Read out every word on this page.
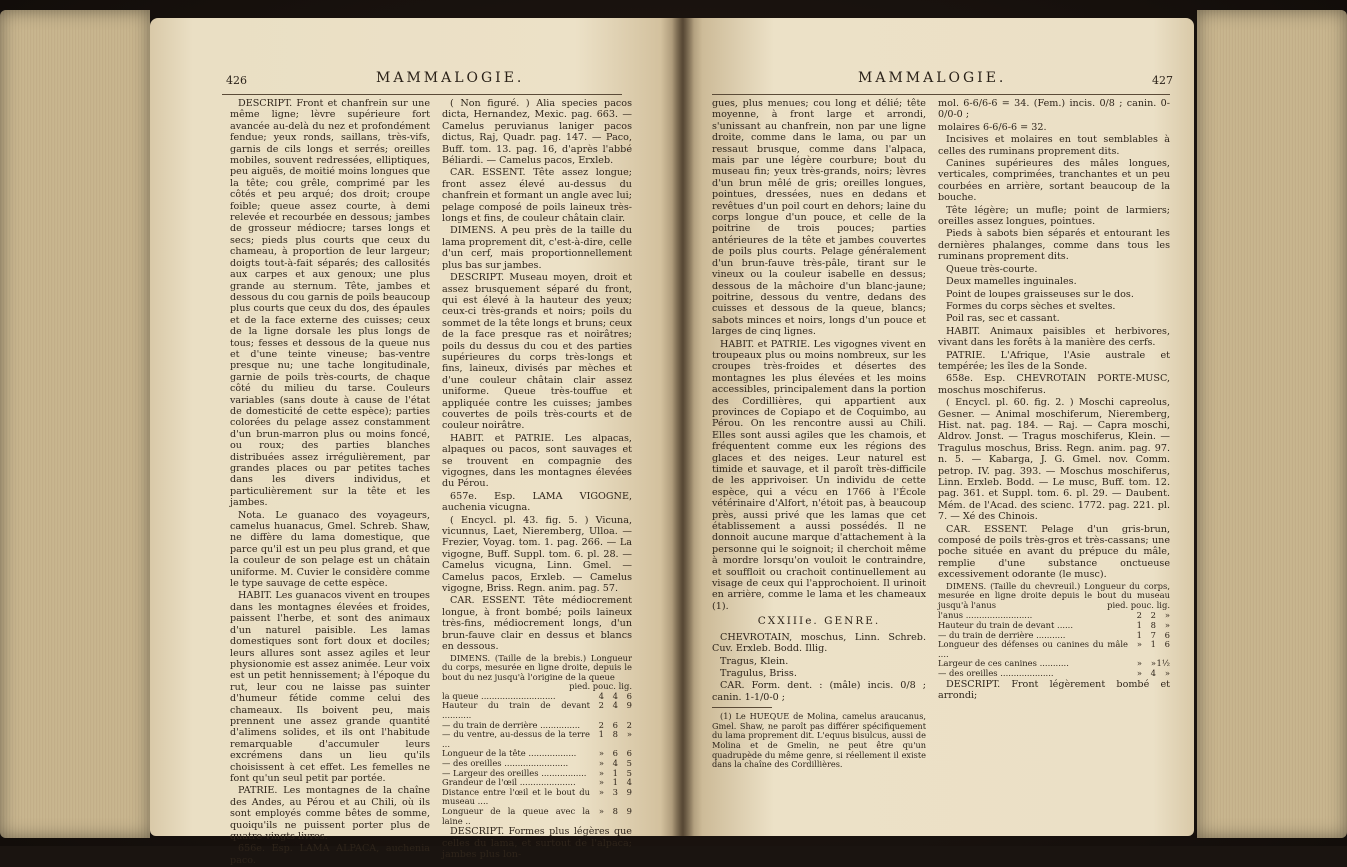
426	MAMMALOGIE.

DESCRIPT. Front et chanfrein sur une même ligne; lèvre supérieure fort avancée au-delà du nez et profondément fendue; yeux ronds, saillans, très-vifs, garnis de cils longs et serrés; oreilles mobiles, souvent redressées, elliptiques, peu aiguës, de moitié moins longues que la tête; cou grêle, comprimé par les côtés et peu arqué; dos droit; croupe foible; queue assez courte, à demi relevée et recourbée en dessous; jambes de grosseur médiocre; tarses longs et secs; pieds plus courts que ceux du chameau, à proportion de leur largeur; doigts tout-à-fait séparés; des callosités aux carpes et aux genoux; une plus grande au sternum. Tête, jambes et dessous du cou garnis de poils beaucoup plus courts que ceux du dos, des épaules et de la face externe des cuisses; ceux de la ligne dorsale les plus longs de tous; fesses et dessous de la queue nus et d'une teinte vineuse; bas-ventre presque nu; une tache longitudinale, garnie de poils très-courts, de chaque côté du milieu du tarse. Couleurs variables (sans doute à cause de l'état de domesticité de cette espèce); parties colorées du pelage assez constamment d'un brun-marron plus ou moins foncé, ou roux; des parties blanches distribuées assez irrégulièrement, par grandes places ou par petites taches dans les divers individus, et particulièrement sur la tête et les jambes.

Nota. Le guanaco des voyageurs, camelus huanacus, Gmel. Schreb. Shaw, ne diffère du lama domestique, que parce qu'il est un peu plus grand, et que la couleur de son pelage est un châtain uniforme. M. Cuvier le considère comme le type sauvage de cette espèce.

HABIT. Les guanacos vivent en troupes dans les montagnes élevées et froides, paissent l'herbe, et sont des animaux d'un naturel paisible. Les lamas domestiques sont fort doux et dociles; leurs allures sont assez agiles et leur physionomie est assez animée. Leur voix est un petit hennissement; à l'époque du rut, leur cou ne laisse pas suinter d'humeur fétide comme celui des chameaux. Ils boivent peu, mais prennent une assez grande quantité d'alimens solides, et ils ont l'habitude remarquable d'accumuler leurs excrémens dans un lieu qu'ils choisissent à cet effet. Les femelles ne font qu'un seul petit par portée.

PATRIE. Les montagnes de la chaîne des Andes, au Pérou et au Chili, où ils sont employés comme bêtes de somme, quoiqu'ils ne puissent porter plus de quatre-vingts livres.

656e. Esp. LAMA ALPACA, auchenia paco.

( Non figuré. ) Alia species pacos dicta, Hernandez, Mexic. pag. 663. — Camelus peruvianus laniger pacos dictus, Raj, Quadr. pag. 147. — Paco, Buff. tom. 13. pag. 16, d'après l'abbé Béliardi. — Camelus pacos, Erxleb.

CAR. ESSENT. Tête assez longue; front assez élevé au-dessus du chanfrein et formant un angle avec lui; pelage composé de poils laineux très-longs et fins, de couleur châtain clair.

DIMENS. A peu près de la taille du lama proprement dit, c'est-à-dire, celle d'un cerf, mais proportionnellement plus bas sur jambes.

DESCRIPT. Museau moyen, droit et assez brusquement séparé du front, qui est élevé à la hauteur des yeux; ceux-ci très-grands et noirs; poils du sommet de la tête longs et bruns; ceux de la face presque ras et noirâtres; poils du dessus du cou et des parties supérieures du corps très-longs et fins, laineux, divisés par mèches et d'une couleur châtain clair assez uniforme. Queue très-touffue et appliquée contre les cuisses; jambes couvertes de poils très-courts et de couleur noirâtre.

HABIT. et PATRIE. Les alpacas, alpaques ou pacos, sont sauvages et se trouvent en compagnie des vigognes, dans les montagnes élevées du Pérou.

657e. Esp. LAMA VIGOGNE, auchenia vicugna.

( Encycl. pl. 43. fig. 5. ) Vicuna, vicunnus, Laet, Nieremberg, Ulloa. — Frezier, Voyag. tom. 1. pag. 266. — La vigogne, Buff. Suppl. tom. 6. pl. 28. — Camelus vicugna, Linn. Gmel. — Camelus pacos, Erxleb. — Camelus vigogne, Briss. Regn. anim. pag. 57.

CAR. ESSENT. Tête médiocrement longue, à front bombé; poils laineux très-fins, médiocrement longs, d'un brun-fauve clair en dessus et blancs en dessous.

DIMENS. (Taille de la brebis.) Longueur du corps, mesurée en ligne droite, depuis le bout du nez jusqu'à l'origine de la queue
pied. pouc. lig.

la queue ............................	4	4	6
Hauteur du train de devant ...........	2	4	9
— du train de derrière ...............	2	6	2
— du ventre, au-dessus de la terre ...	1	8	»
Longueur de la tête ..................	»	6	6
— des oreilles ........................	»	4	5
— Largeur des oreilles .................	»	1	5
Grandeur de l'œil .....................	»	1	4
Distance entre l'œil et le bout du museau ....	»	3	9
Longueur de la queue avec la laine ..	»	8	9

DESCRIPT. Formes plus légères que celles du lama, et surtout de l'alpaca; jambes plus lon-

MAMMALOGIE.	427

gues, plus menues; cou long et délié; tête moyenne, à front large et arrondi, s'unissant au chanfrein, non par une ligne droite, comme dans le lama, ou par un ressaut brusque, comme dans l'alpaca, mais par une légère courbure; bout du museau fin; yeux très-grands, noirs; lèvres d'un brun mêlé de gris; oreilles longues, pointues, dressées, nues en dedans et revêtues d'un poil court en dehors; laine du corps longue d'un pouce, et celle de la poitrine de trois pouces; parties antérieures de la tête et jambes couvertes de poils plus courts. Pelage généralement d'un brun-fauve très-pâle, tirant sur le vineux ou la couleur isabelle en dessus; dessous de la mâchoire d'un blanc-jaune; poitrine, dessous du ventre, dedans des cuisses et dessous de la queue, blancs; sabots minces et noirs, longs d'un pouce et larges de cinq lignes.

HABIT. et PATRIE. Les vigognes vivent en troupeaux plus ou moins nombreux, sur les croupes très-froides et désertes des montagnes les plus élevées et les moins accessibles, principalement dans la portion des Cordillières, qui appartient aux provinces de Copiapo et de Coquimbo, au Pérou. On les rencontre aussi au Chili. Elles sont aussi agiles que les chamois, et fréquentent comme eux les régions des glaces et des neiges. Leur naturel est timide et sauvage, et il paroît très-difficile de les apprivoiser. Un individu de cette espèce, qui a vécu en 1766 à l'École vétérinaire d'Alfort, n'étoit pas, à beaucoup près, aussi privé que les lamas que cet établissement a aussi possédés. Il ne donnoit aucune marque d'attachement à la personne qui le soignoit; il cherchoit même à mordre lorsqu'on vouloit le contraindre, et souffloit ou crachoit continuellement au visage de ceux qui l'approchoient. Il urinoit en arrière, comme le lama et les chameaux (1).

CXXIIIe. GENRE.

CHEVROTAIN, moschus, Linn. Schreb. Cuv. Erxleb. Bodd. Illig.

Tragus, Klein.

Tragulus, Briss.

CAR. Form. dent. : (mâle) incis. 0/8 ; canin. 1-1/0-0 ;

(1) Le HUEQUE de Molina, camelus araucanus, Gmel. Shaw, ne paroît pas différer spécifiquement du lama proprement dit. L'equus bisulcus, aussi de Molina et de Gmelin, ne peut être qu'un quadrupède du même genre, si réellement il existe dans la chaîne des Cordillières.

mol. 6-6/6-6 = 34. (Fem.) incis. 0/8 ; canin. 0-0/0-0 ;

molaires 6-6/6-6 = 32.

Incisives et molaires en tout semblables à celles des ruminans proprement dits.

Canines supérieures des mâles longues, verticales, comprimées, tranchantes et un peu courbées en arrière, sortant beaucoup de la bouche.

Tête légère; un mufle; point de larmiers; oreilles assez longues, pointues.

Pieds à sabots bien séparés et entourant les dernières phalanges, comme dans tous les ruminans proprement dits.

Queue très-courte.

Deux mamelles inguinales.

Point de loupes graisseuses sur le dos.

Formes du corps sèches et sveltes.

Poil ras, sec et cassant.

HABIT. Animaux paisibles et herbivores, vivant dans les forêts à la manière des cerfs.

PATRIE. L'Afrique, l'Asie australe et tempérée; les îles de la Sonde.

658e. Esp. CHEVROTAIN PORTE-MUSC, moschus moschiferus.

( Encycl. pl. 60. fig. 2. ) Moschi capreolus, Gesner. — Animal moschiferum, Nieremberg, Hist. nat. pag. 184. — Raj. — Capra moschi, Aldrov. Jonst. — Tragus moschiferus, Klein. — Tragulus moschus, Briss. Regn. anim. pag. 97. n. 5. — Kabarga, J. G. Gmel. nov. Comm. petrop. IV. pag. 393. — Moschus moschiferus, Linn. Erxleb. Bodd. — Le musc, Buff. tom. 12. pag. 361. et Suppl. tom. 6. pl. 29. — Daubent. Mém. de l'Acad. des scienc. 1772. pag. 221. pl. 7. — Xé des Chinois.

CAR. ESSENT. Pelage d'un gris-brun, composé de poils très-gros et très-cassans; une poche située en avant du prépuce du mâle, remplie d'une substance onctueuse excessivement odorante (le musc).

DIMENS. (Taille du chevreuil.) Longueur du corps, mesurée en ligne droite depuis le bout du museau jusqu'à l'anus	pied. pouc. lig.

l'anus .........................	2	2	»
Hauteur du train de devant ......	1	8	»
— du train de derrière ...........	1	7	6
Longueur des défenses ou canines du mâle ....	»	1	6
Largeur de ces canines ...........	»	»	1½
— des oreilles ....................	»	4	»

DESCRIPT. Front légèrement bombé et arrondi;
